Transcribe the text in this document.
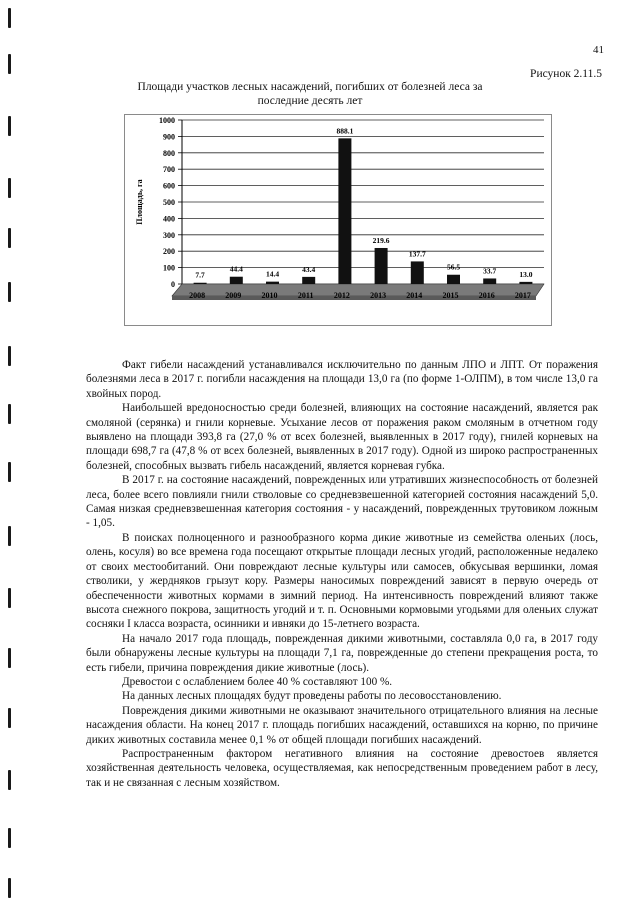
41
Рисунок 2.11.5
Площади участков лесных насаждений, погибших от болезней леса за
последние десять лет
0
100
200
300
400
500
600
700
800
900
1000
Площадь, га
7.7
2008
44.4
2009
14.4
2010
43.4
2011
888.1
2012
219.6
2013
137.7
2014
56.5
2015
33.7
2016
13.0
2017

Факт гибели насаждений устанавливался исключительно по данным ЛПО и ЛПТ. От поражения болезнями леса в 2017 г. погибли насаждения на площади 13,0 га (по форме 1-ОЛПМ), в том числе 13,0 га хвойных пород.

Наибольшей вредоносностью среди болезней, влияющих на состояние насаждений, является рак смоляной (серянка) и гнили корневые. Усыхание лесов от поражения раком смоляным в отчетном году выявлено на площади 393,8 га (27,0 % от всех болезней, выявленных в 2017 году), гнилей корневых на площади 698,7 га (47,8 % от всех болезней, выявленных в 2017 году). Одной из широко распространенных болезней, способных вызвать гибель насаждений, является корневая губка.

В 2017 г. на состояние насаждений, поврежденных или утративших жизнеспособность от болезней леса, более всего повлияли гнили стволовые со средневзвешенной категорией состояния насаждений 5,0. Самая низкая средневзвешенная категория состояния - у насаждений, поврежденных трутовиком ложным - 1,05.

В поисках полноценного и разнообразного корма дикие животные из семейства оленьих (лось, олень, косуля) во все времена года посещают открытые площади лесных угодий, расположенные недалеко от своих местообитаний. Они повреждают лесные культуры или самосев, обкусывая вершинки, ломая стволики, у жердняков грызут кору. Размеры наносимых повреждений зависят в первую очередь от обеспеченности животных кормами в зимний период. На интенсивность повреждений влияют также высота снежного покрова, защитность угодий и т. п. Основными кормовыми угодьями для оленьих служат сосняки I класса возраста, осинники и ивняки до 15-летнего возраста.

На начало 2017 года площадь, поврежденная дикими животными, составляла 0,0 га, в 2017 году были обнаружены лесные культуры на площади 7,1 га, поврежденные до степени прекращения роста, то есть гибели, причина повреждения дикие животные (лось).

Древостои с ослаблением более 40 % составляют 100 %.

На данных лесных площадях будут проведены работы по лесовосстановлению.

Повреждения дикими животными не оказывают значительного отрицательного влияния на лесные насаждения области. На конец 2017 г. площадь погибших насаждений, оставшихся на корню, по причине диких животных составила менее 0,1 % от общей площади погибших насаждений.

Распространенным фактором негативного влияния на состояние древостоев является хозяйственная деятельность человека, осуществляемая, как непосредственным проведением работ в лесу, так и не связанная с лесным хозяйством.
